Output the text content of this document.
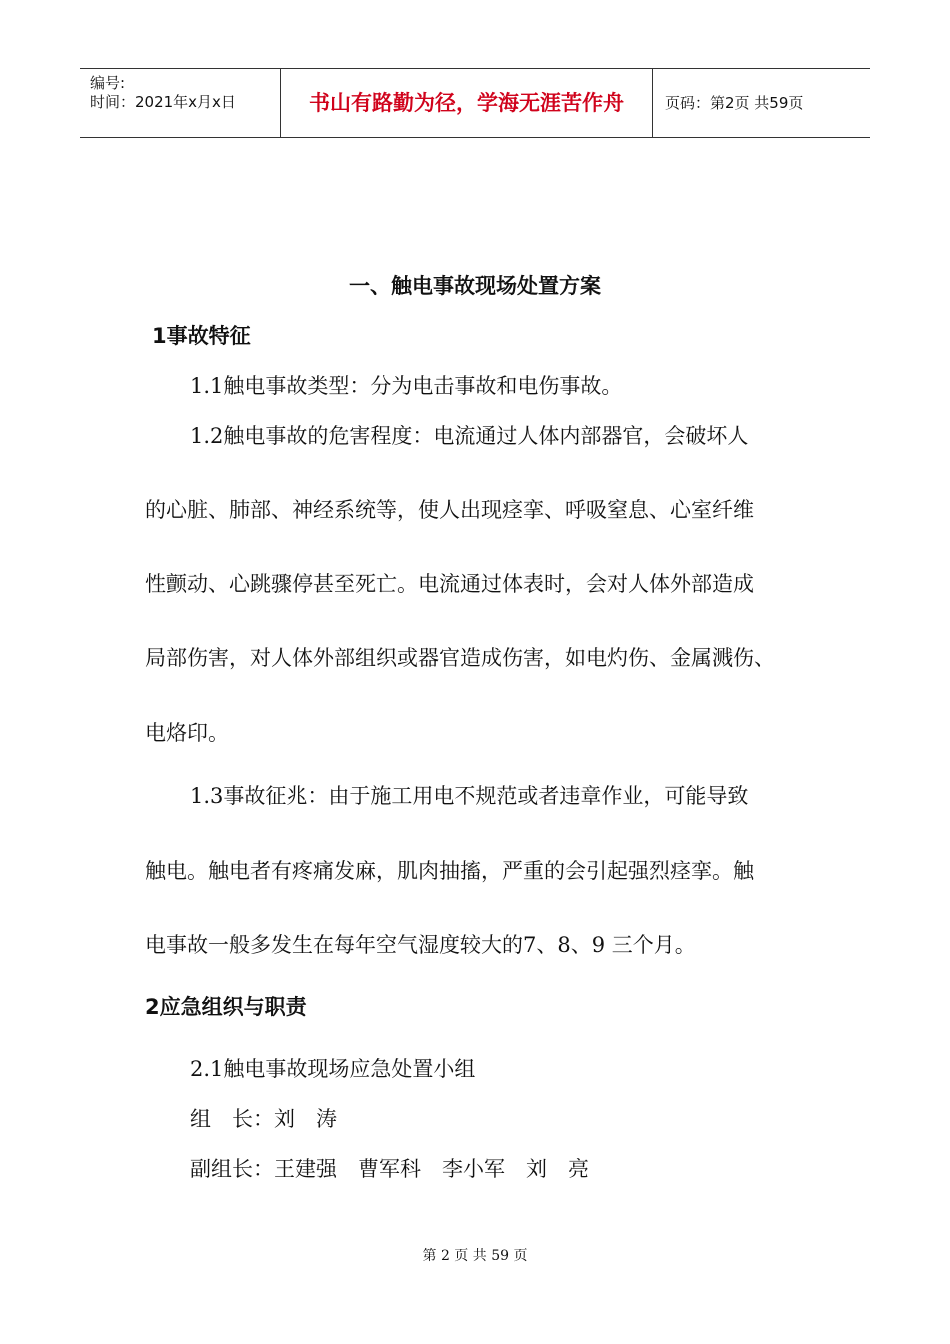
编号:
时间：2021年x月x日	书山有路勤为径，学海无涯苦作舟	页码：第2页 共59页
一、触电事故现场处置方案
1事故特征
1.1触电事故类型：分为电击事故和电伤事故。
1.2触电事故的危害程度：电流通过人体内部器官，会破坏人
的心脏、肺部、神经系统等，使人出现痉挛、呼吸窒息、心室纤维
性颤动、心跳骤停甚至死亡。电流通过体表时，会对人体外部造成
局部伤害，对人体外部组织或器官造成伤害，如电灼伤、金属溅伤、
电烙印。
1.3事故征兆：由于施工用电不规范或者违章作业，可能导致
触电。触电者有疼痛发麻，肌肉抽搐，严重的会引起强烈痉挛。触
电事故一般多发生在每年空气湿度较大的7、8、9 三个月。
2应急组织与职责
2.1触电事故现场应急处置小组
组　长：刘　涛
副组长：王建强　曹军科　李小军　刘　亮
第 2 页 共 59 页
